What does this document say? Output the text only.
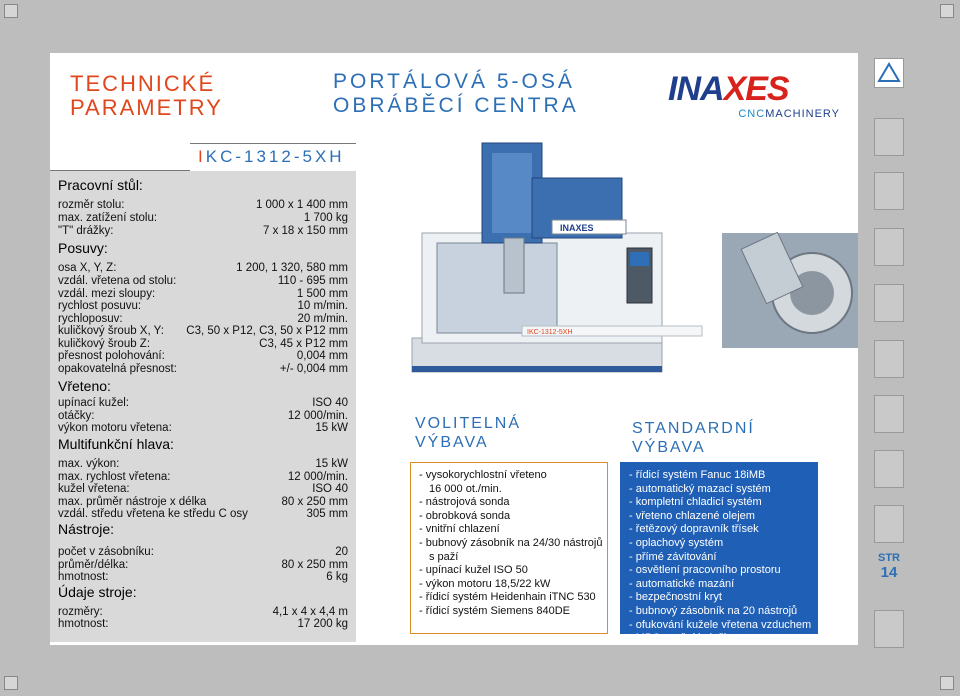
TECHNICKÉ
PARAMETRY
PORTÁLOVÁ 5-OSÁ
OBRÁBĚCÍ CENTRA	INAXES
CNCMACHINERY
IKC-1312-5XH
Pracovní stůl:
rozměr stolu:	1 000 x 1 400 mm
max. zatížení stolu:	1 700 kg
"T" drážky:	7 x 18 x 150 mm
Posuvy:
osa X, Y, Z:	1 200, 1 320, 580 mm
vzdál. vřetena od stolu:	110 - 695 mm
vzdál. mezi sloupy:	1 500 mm
rychlost posuvu:	10 m/min.
rychloposuv:	20 m/min.
kuličkový šroub X, Y: C3, 50 x P12, C3, 50 x P12 mm
kuličkový šroub Z:	C3, 45 x P12 mm
přesnost polohování:	0,004 mm
opakovatelná přesnost:	+/- 0,004 mm
Vřeteno:
upínací kužel:	ISO 40
otáčky:	12 000/min.
výkon motoru vřetena:	15 kW
Multifunkční hlava:
max. výkon:	15 kW
max. rychlost vřetena:	12 000/min.
kužel vřetena:	ISO 40
max. průměr nástroje x délka	80 x 250 mm
vzdál. středu vřetena ke středu C osy	305 mm
Nástroje:
počet v zásobníku:	20
průměr/délka:	80 x 250 mm
hmotnost:	6 kg
Údaje stroje:
rozměry:	4,1 x 4 x 4,4 m
hmotnost:	17 200 kg
INAXES
IKC-1312-5XH
VOLITELNÁ
VÝBAVA
- vysokorychlostní vřeteno
16 000 ot./min.
- nástrojová sonda
- obrobková sonda
- vnitřní chlazení
- bubnový zásobník na 24/30 nástrojů
s paží
- upínací kužel ISO 50
- výkon motoru 18,5/22 kW
- řídicí systém Heidenhain iTNC 530
- řídicí systém Siemens 840DE
STANDARDNÍ
VÝBAVA
- řídicí systém Fanuc 18iMB
- automatický mazací systém
- kompletní chladicí systém
- vřeteno chlazené olejem
- řetězový dopravník třísek
- oplachový systém
- přímé závitování
- osvětlení pracovního prostoru
- automatické mazání
- bezpečnostní kryt
- bubnový zásobník na 20 nástrojů
- ofukování kužele vřetena vzduchem
- MPG - ruční kolečko
STR
14
